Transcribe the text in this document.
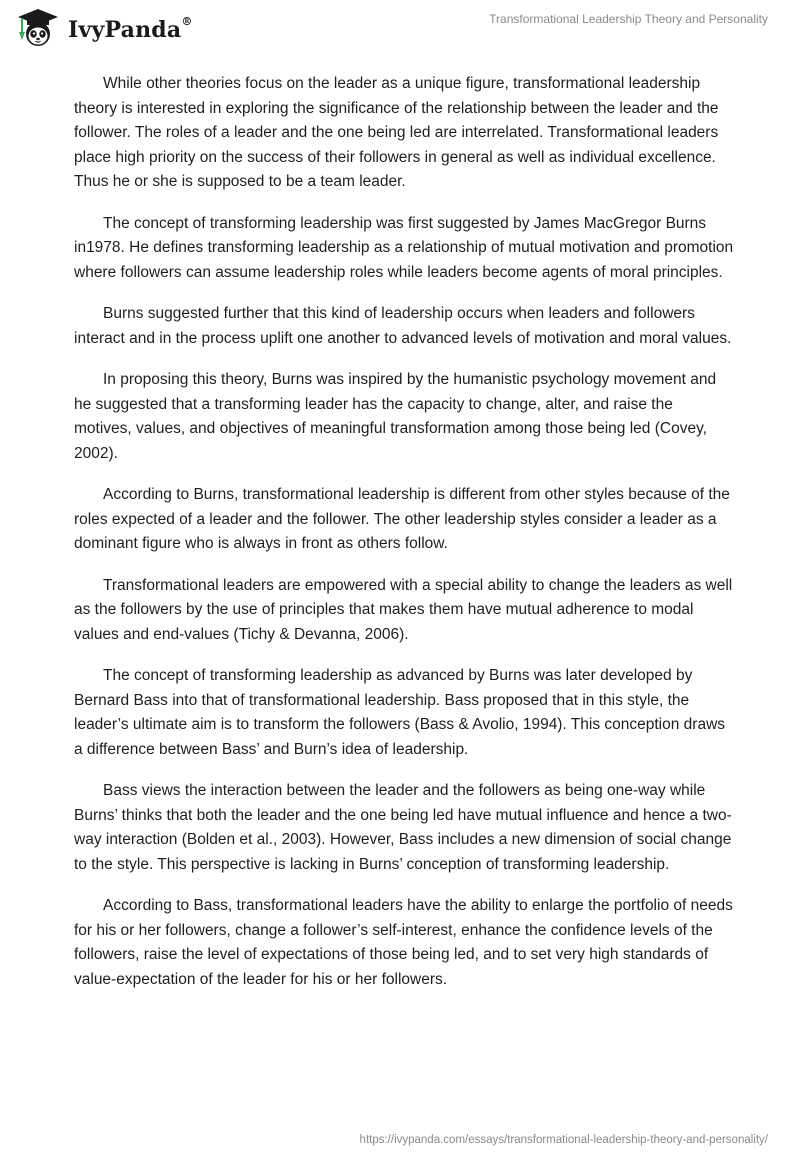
IvyPanda®	Transformational Leadership Theory and Personality

While other theories focus on the leader as a unique figure, transformational leadership theory is interested in exploring the significance of the relationship between the leader and the follower. The roles of a leader and the one being led are interrelated. Transformational leaders place high priority on the success of their followers in general as well as individual excellence. Thus he or she is supposed to be a team leader.

The concept of transforming leadership was first suggested by James MacGregor Burns in1978. He defines transforming leadership as a relationship of mutual motivation and promotion where followers can assume leadership roles while leaders become agents of moral principles.

Burns suggested further that this kind of leadership occurs when leaders and followers interact and in the process uplift one another to advanced levels of motivation and moral values.

In proposing this theory, Burns was inspired by the humanistic psychology movement and he suggested that a transforming leader has the capacity to change, alter, and raise the motives, values, and objectives of meaningful transformation among those being led (Covey, 2002).

According to Burns, transformational leadership is different from other styles because of the roles expected of a leader and the follower. The other leadership styles consider a leader as a dominant figure who is always in front as others follow.

Transformational leaders are empowered with a special ability to change the leaders as well as the followers by the use of principles that makes them have mutual adherence to modal values and end-values (Tichy & Devanna, 2006).

The concept of transforming leadership as advanced by Burns was later developed by Bernard Bass into that of transformational leadership. Bass proposed that in this style, the leader’s ultimate aim is to transform the followers (Bass & Avolio, 1994). This conception draws a difference between Bass’ and Burn’s idea of leadership.

Bass views the interaction between the leader and the followers as being one-way while Burns’ thinks that both the leader and the one being led have mutual influence and hence a two-way interaction (Bolden et al., 2003). However, Bass includes a new dimension of social change to the style. This perspective is lacking in Burns’ conception of transforming leadership.

According to Bass, transformational leaders have the ability to enlarge the portfolio of needs for his or her followers, change a follower’s self-interest, enhance the confidence levels of the followers, raise the level of expectations of those being led, and to set very high standards of value-expectation of the leader for his or her followers.

https://ivypanda.com/essays/transformational-leadership-theory-and-personality/
